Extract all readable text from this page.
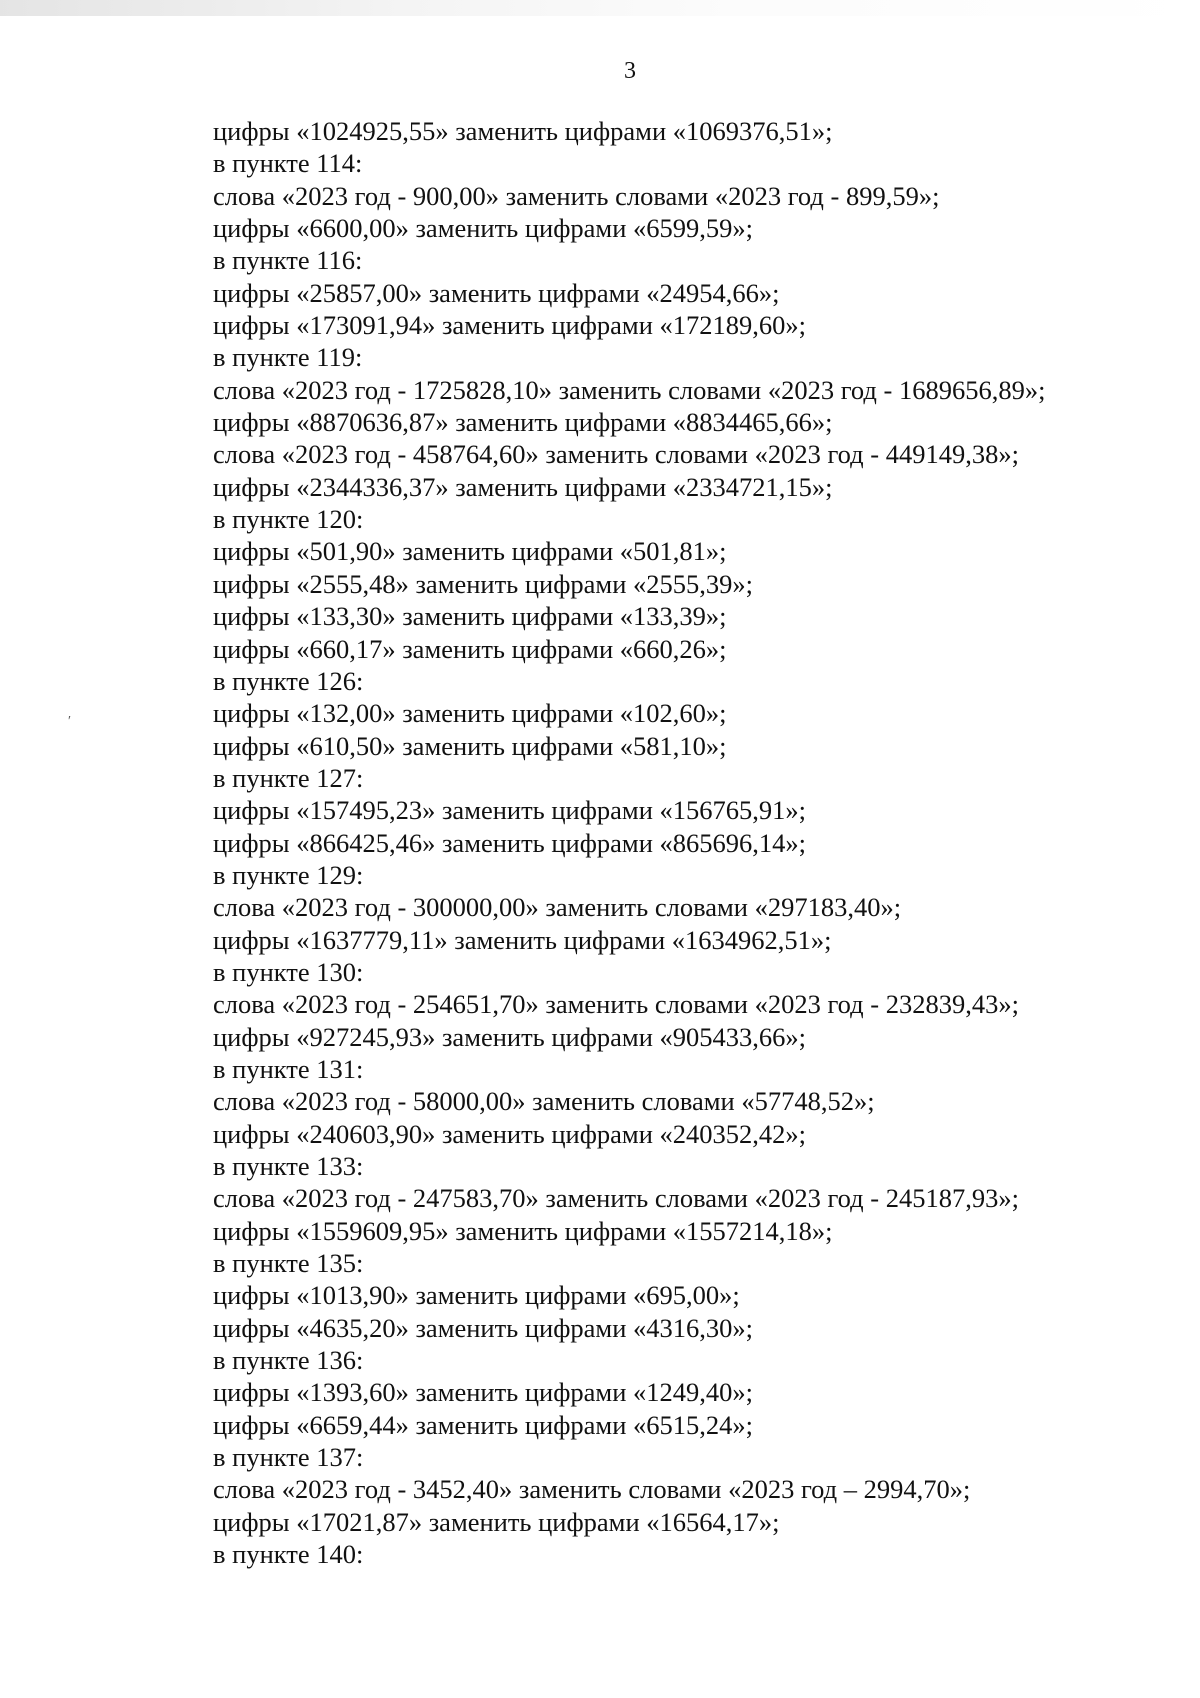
3
′
цифры «1024925,55» заменить цифрами «1069376,51»;
в пункте 114:
слова «2023 год - 900,00» заменить словами «2023 год - 899,59»;
цифры «6600,00» заменить цифрами «6599,59»;
в пункте 116:
цифры «25857,00» заменить цифрами «24954,66»;
цифры «173091,94» заменить цифрами «172189,60»;
в пункте 119:
слова «2023 год - 1725828,10» заменить словами «2023 год - 1689656,89»;
цифры «8870636,87» заменить цифрами «8834465,66»;
слова «2023 год - 458764,60» заменить словами «2023 год - 449149,38»;
цифры «2344336,37» заменить цифрами «2334721,15»;
в пункте 120:
цифры «501,90» заменить цифрами «501,81»;
цифры «2555,48» заменить цифрами «2555,39»;
цифры «133,30» заменить цифрами «133,39»;
цифры «660,17» заменить цифрами «660,26»;
в пункте 126:
цифры «132,00» заменить цифрами «102,60»;
цифры «610,50» заменить цифрами «581,10»;
в пункте 127:
цифры «157495,23» заменить цифрами «156765,91»;
цифры «866425,46» заменить цифрами «865696,14»;
в пункте 129:
слова «2023 год - 300000,00» заменить словами «297183,40»;
цифры «1637779,11» заменить цифрами «1634962,51»;
в пункте 130:
слова «2023 год - 254651,70» заменить словами «2023 год - 232839,43»;
цифры «927245,93» заменить цифрами «905433,66»;
в пункте 131:
слова «2023 год - 58000,00» заменить словами «57748,52»;
цифры «240603,90» заменить цифрами «240352,42»;
в пункте 133:
слова «2023 год - 247583,70» заменить словами «2023 год - 245187,93»;
цифры «1559609,95» заменить цифрами «1557214,18»;
в пункте 135:
цифры «1013,90» заменить цифрами «695,00»;
цифры «4635,20» заменить цифрами «4316,30»;
в пункте 136:
цифры «1393,60» заменить цифрами «1249,40»;
цифры «6659,44» заменить цифрами «6515,24»;
в пункте 137:
слова «2023 год - 3452,40» заменить словами «2023 год – 2994,70»;
цифры «17021,87» заменить цифрами «16564,17»;
в пункте 140:
